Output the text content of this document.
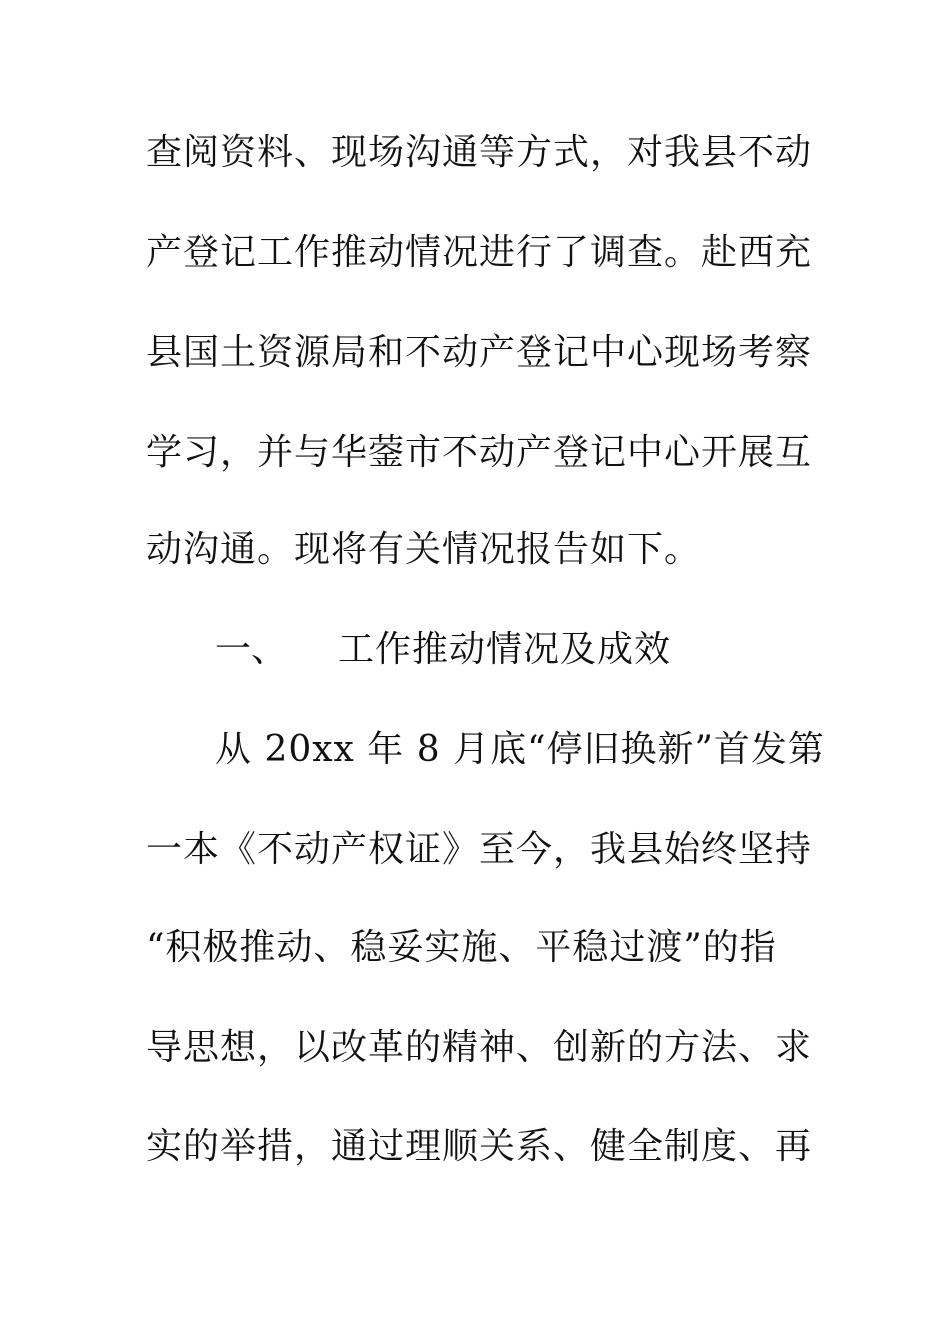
查阅资料、现场沟通等方式，对我县不动
产登记工作推动情况进行了调查。赴西充
县国土资源局和不动产登记中心现场考察
学习，并与华蓥市不动产登记中心开展互
动沟通。现将有关情况报告如下。
一、 工作推动情况及成效
从 20xx 年 8 月底“停旧换新”首发第
一本《不动产权证》至今，我县始终坚持
“积极推动、稳妥实施、平稳过渡”的指
导思想，以改革的精神、创新的方法、求
实的举措，通过理顺关系、健全制度、再
